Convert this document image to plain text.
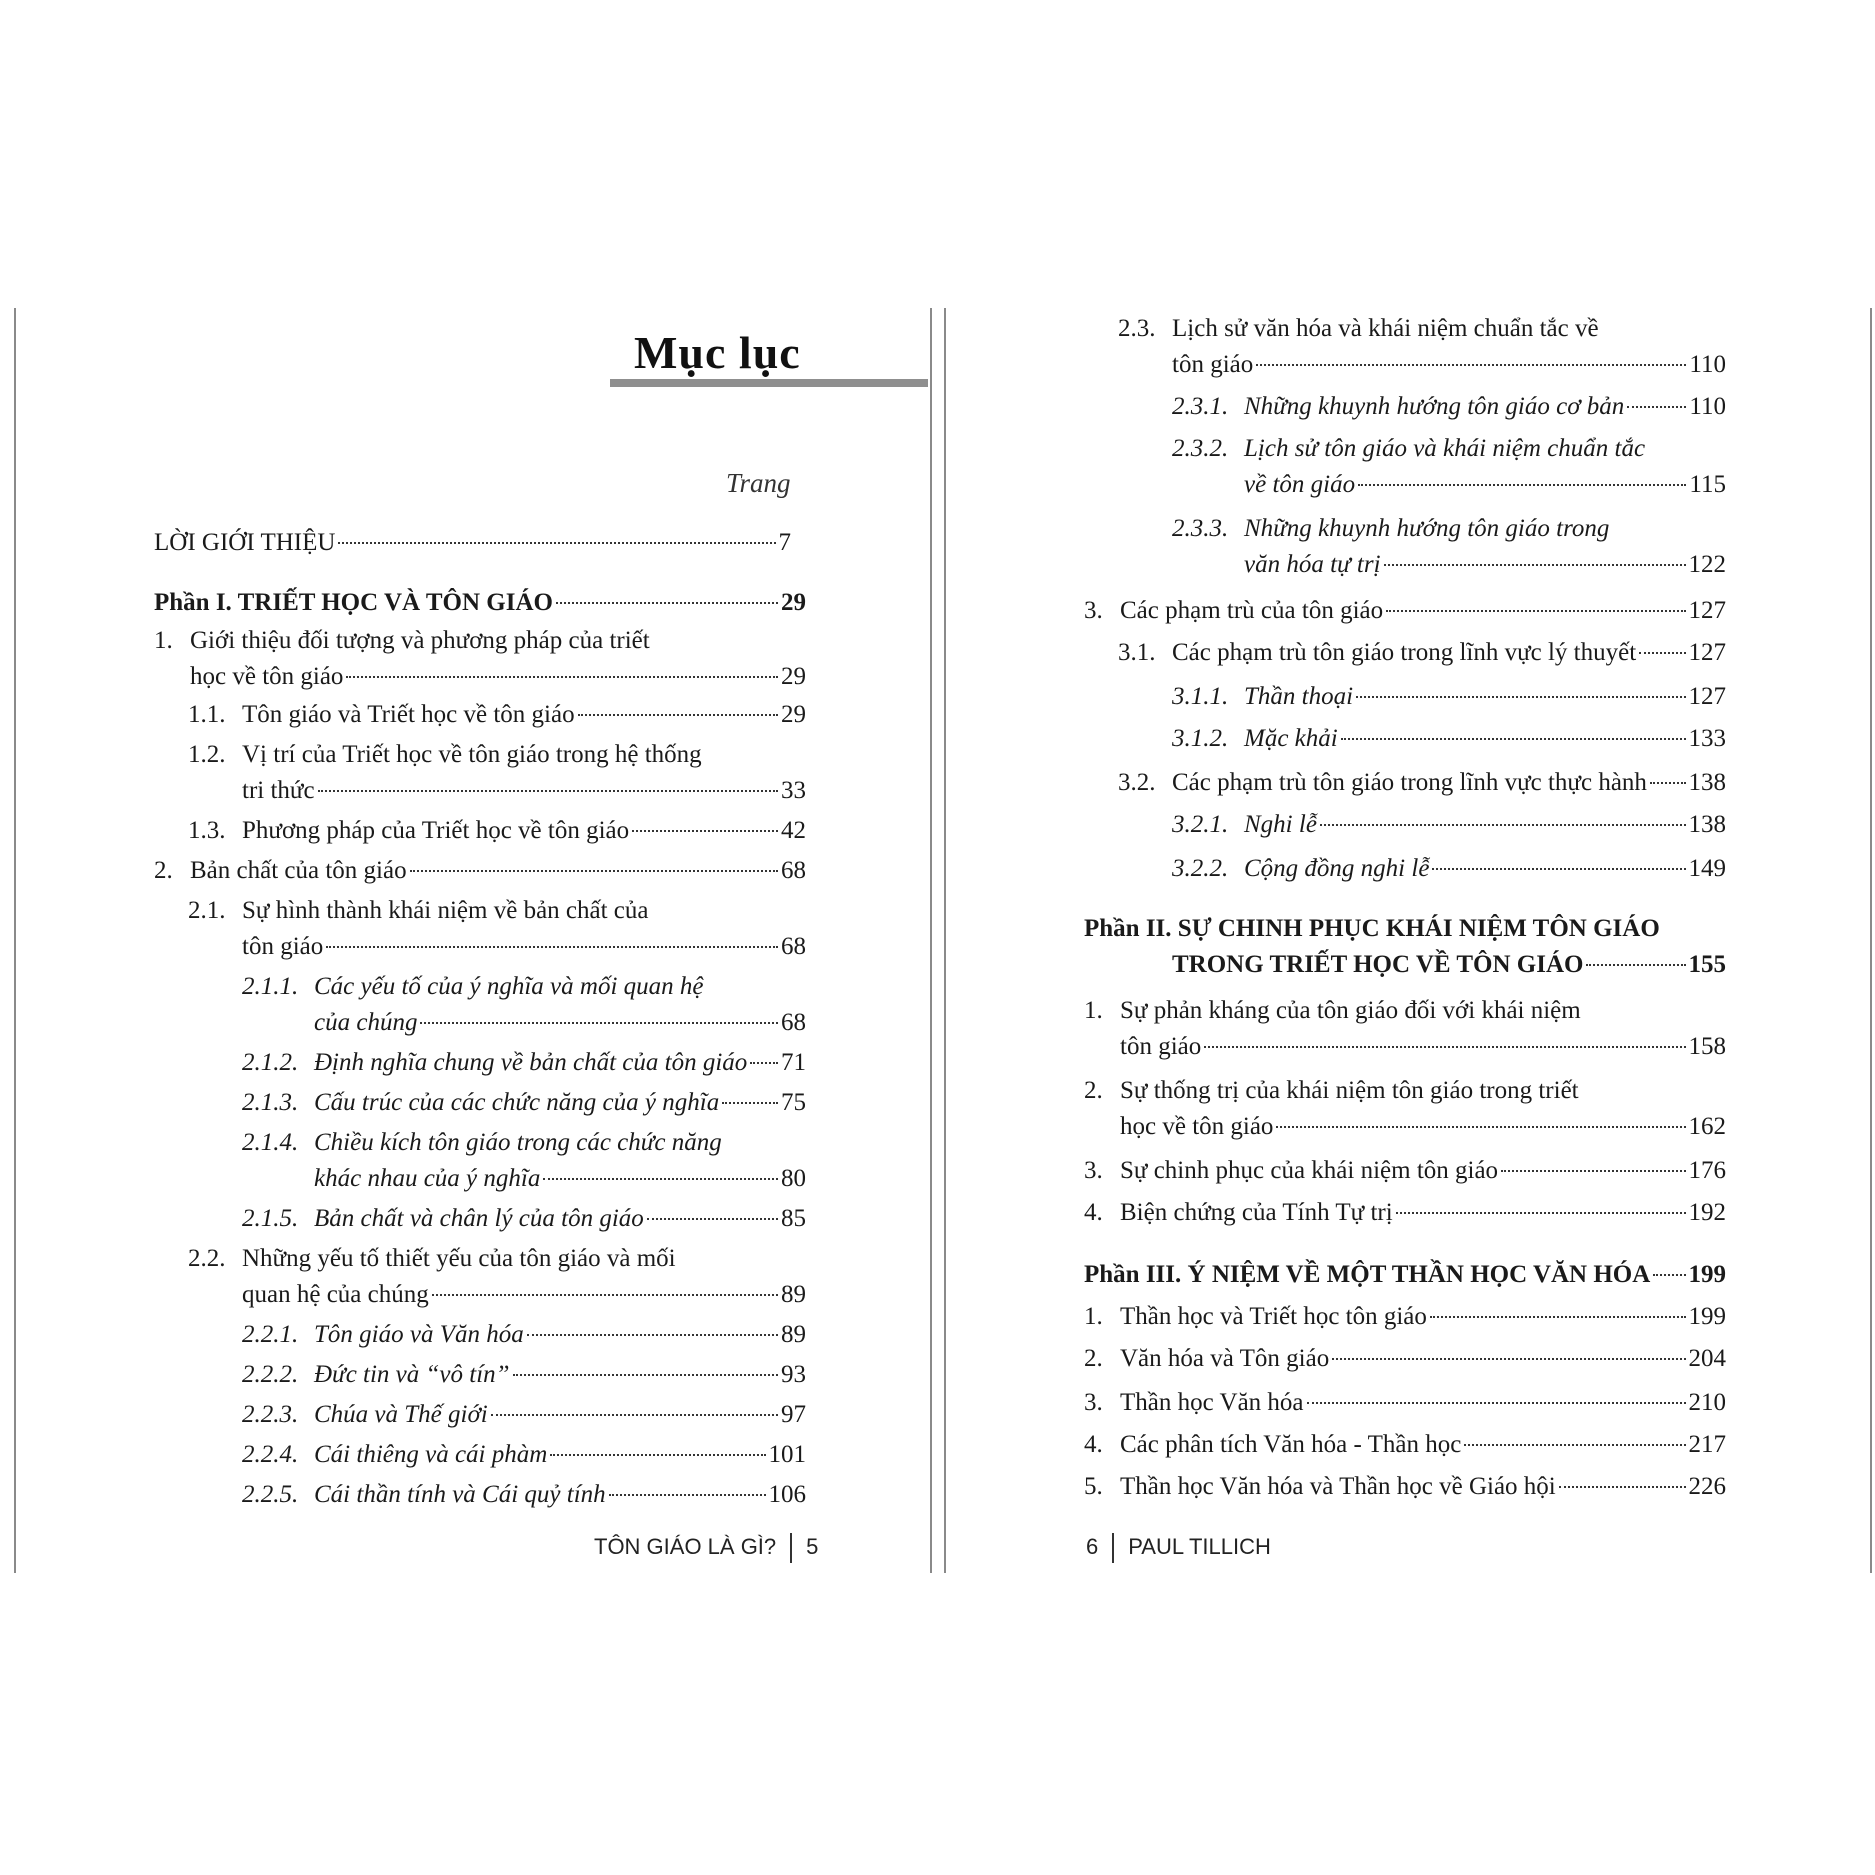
Mục lục
Trang
LỜI GIỚI THIỆU	7
Phần I. TRIẾT HỌC VÀ TÔN GIÁO	29
1. Giới thiệu đối tượng và phương pháp của triết
học về tôn giáo	29
1.1. Tôn giáo và Triết học về tôn giáo	29
1.2. Vị trí của Triết học về tôn giáo trong hệ thống
tri thức	33
1.3. Phương pháp của Triết học về tôn giáo	42
2. Bản chất của tôn giáo	68
2.1. Sự hình thành khái niệm về bản chất của
tôn giáo	68
2.1.1. Các yếu tố của ý nghĩa và mối quan hệ
của chúng	68
2.1.2. Định nghĩa chung về bản chất của tôn giáo 71
2.1.3. Cấu trúc của các chức năng của ý nghĩa 75
2.1.4. Chiều kích tôn giáo trong các chức năng
khác nhau của ý nghĩa	80
2.1.5. Bản chất và chân lý của tôn giáo	85
2.2. Những yếu tố thiết yếu của tôn giáo và mối
quan hệ của chúng	89
2.2.1. Tôn giáo và Văn hóa	89
2.2.2. Đức tin và “vô tín”	93
2.2.3. Chúa và Thế giới	97
2.2.4. Cái thiêng và cái phàm	101
2.2.5. Cái thần tính và Cái quỷ tính	106
TÔN GIÁO LÀ GÌ? 5
2.3. Lịch sử văn hóa và khái niệm chuẩn tắc về
tôn giáo	110
2.3.1. Những khuynh hướng tôn giáo cơ bản	110
2.3.2. Lịch sử tôn giáo và khái niệm chuẩn tắc
về tôn giáo	115
2.3.3. Những khuynh hướng tôn giáo trong
văn hóa tự trị	122
3. Các phạm trù của tôn giáo	127
3.1. Các phạm trù tôn giáo trong lĩnh vực lý thuyết 127
3.1.1. Thần thoại	127
3.1.2. Mặc khải	133
3.2. Các phạm trù tôn giáo trong lĩnh vực thực hành 138
3.2.1. Nghi lễ	138
3.2.2. Cộng đồng nghi lễ	149
Phần II. SỰ CHINH PHỤC KHÁI NIỆM TÔN GIÁO
TRONG TRIẾT HỌC VỀ TÔN GIÁO	155
1. Sự phản kháng của tôn giáo đối với khái niệm
tôn giáo	158
2. Sự thống trị của khái niệm tôn giáo trong triết
học về tôn giáo	162
3. Sự chinh phục của khái niệm tôn giáo	176
4. Biện chứng của Tính Tự trị	192
Phần III. Ý NIỆM VỀ MỘT THẦN HỌC VĂN HÓA 199
1. Thần học và Triết học tôn giáo	199
2. Văn hóa và Tôn giáo	204
3. Thần học Văn hóa	210
4. Các phân tích Văn hóa - Thần học	217
5. Thần học Văn hóa và Thần học về Giáo hội	226
6 PAUL TILLICH
